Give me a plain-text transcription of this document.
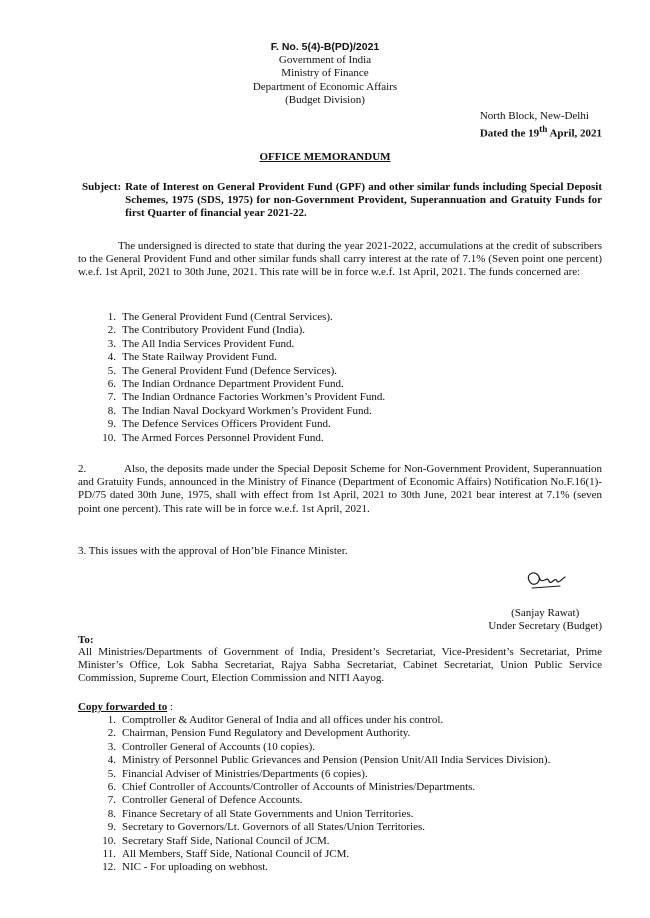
F. No. 5(4)-B(PD)/2021
Government of India
Ministry of Finance
Department of Economic Affairs
(Budget Division)
North Block, New-Delhi
Dated the 19th April, 2021
OFFICE MEMORANDUM
Subject: Rate of Interest on General Provident Fund (GPF) and other similar funds including Special Deposit Schemes, 1975 (SDS, 1975) for non-Government Provident, Superannuation and Gratuity Funds for first Quarter of financial year 2021-22.
The undersigned is directed to state that during the year 2021-2022, accumulations at the credit of subscribers to the General Provident Fund and other similar funds shall carry interest at the rate of 7.1% (Seven point one percent) w.e.f. 1st April, 2021 to 30th June, 2021. This rate will be in force w.e.f. 1st April, 2021. The funds concerned are:
1. The General Provident Fund (Central Services).
2. The Contributory Provident Fund (India).
3. The All India Services Provident Fund.
4. The State Railway Provident Fund.
5. The General Provident Fund (Defence Services).
6. The Indian Ordnance Department Provident Fund.
7. The Indian Ordnance Factories Workmen’s Provident Fund.
8. The Indian Naval Dockyard Workmen’s Provident Fund.
9. The Defence Services Officers Provident Fund.
10. The Armed Forces Personnel Provident Fund.
2.	Also, the deposits made under the Special Deposit Scheme for Non-Government Provident, Superannuation and Gratuity Funds, announced in the Ministry of Finance (Department of Economic Affairs) Notification No.F.16(1)-PD/75 dated 30th June, 1975, shall with effect from 1st April, 2021 to 30th June, 2021 bear interest at 7.1% (seven point one percent). This rate will be in force w.e.f. 1st April, 2021.
3. This issues with the approval of Hon’ble Finance Minister.
(Sanjay Rawat)
Under Secretary (Budget)
To:
All Ministries/Departments of Government of India, President’s Secretariat, Vice-President’s Secretariat, Prime Minister’s Office, Lok Sabha Secretariat, Rajya Sabha Secretariat, Cabinet Secretariat, Union Public Service Commission, Supreme Court, Election Commission and NITI Aayog.
Copy forwarded to :
1. Comptroller & Auditor General of India and all offices under his control.
2. Chairman, Pension Fund Regulatory and Development Authority.
3. Controller General of Accounts (10 copies).
4. Ministry of Personnel Public Grievances and Pension (Pension Unit/All India Services Division).
5. Financial Adviser of Ministries/Departments (6 copies).
6. Chief Controller of Accounts/Controller of Accounts of Ministries/Departments.
7. Controller General of Defence Accounts.
8. Finance Secretary of all State Governments and Union Territories.
9. Secretary to Governors/Lt. Governors of all States/Union Territories.
10. Secretary Staff Side, National Council of JCM.
11. All Members, Staff Side, National Council of JCM.
12. NIC - For uploading on webhost.
